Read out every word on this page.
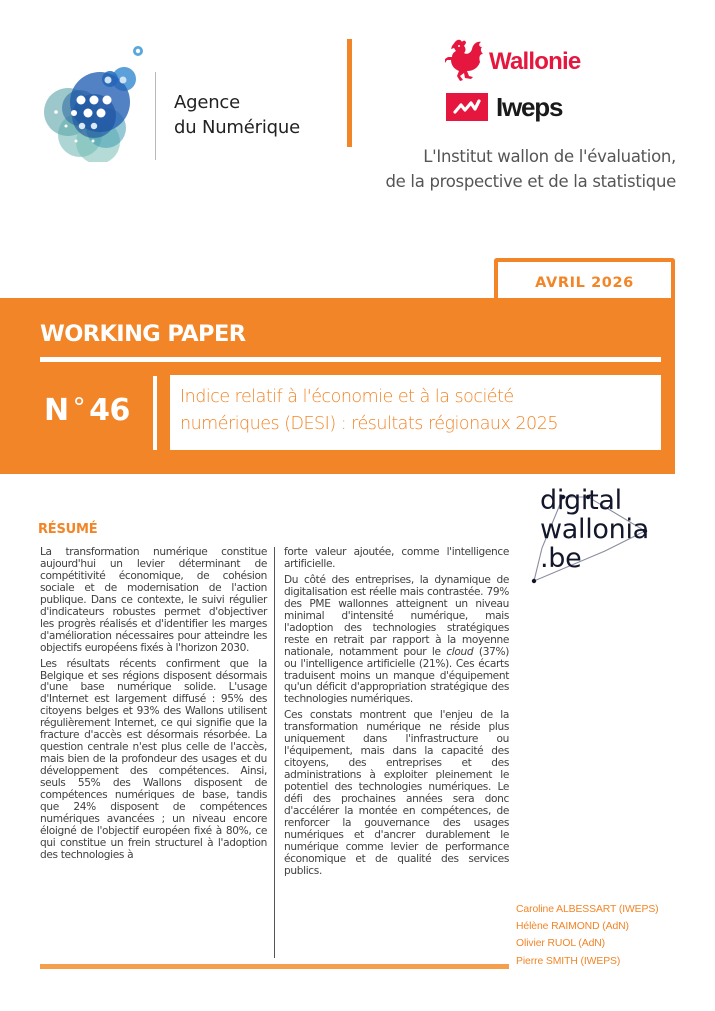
Agence
du Numérique
Wallonie
Iweps
L'Institut wallon de l'évaluation,
de la prospective et de la statistique
AVRIL 2026
WORKING PAPER
N ° 46	Indice relatif à l'économie et à la société
numériques (DESI) : résultats régionaux 2025
digital
wallonia
.be
RÉSUMÉ

La transformation numérique constitue aujourd'hui un levier déterminant de compétitivité économique, de cohésion sociale et de modernisation de l'action publique. Dans ce contexte, le suivi régulier d'indicateurs robustes permet d'objectiver les progrès réalisés et d'identifier les marges d'amélioration nécessaires pour atteindre les objectifs européens fixés à l'horizon 2030.

Les résultats récents confirment que la Belgique et ses régions disposent désormais d'une base numérique solide. L'usage d'Internet est largement diffusé : 95% des citoyens belges et 93% des Wallons utilisent régulièrement Internet, ce qui signifie que la fracture d'accès est désormais résorbée. La question centrale n'est plus celle de l'accès, mais bien de la profondeur des usages et du développement des compétences. Ainsi, seuls 55% des Wallons disposent de compétences numériques de base, tandis que 24% disposent de compétences numériques avancées ; un niveau encore éloigné de l'objectif européen fixé à 80%, ce qui constitue un frein structurel à l'adoption des technologies à

forte valeur ajoutée, comme l'intelligence artificielle.

Du côté des entreprises, la dynamique de digitalisation est réelle mais contrastée. 79% des PME wallonnes atteignent un niveau minimal d'intensité numérique, mais l'adoption des technologies stratégiques reste en retrait par rapport à la moyenne nationale, notamment pour le cloud (37%) ou l'intelligence artificielle (21%). Ces écarts traduisent moins un manque d'équipement qu'un déficit d'appropriation stratégique des technologies numériques.

Ces constats montrent que l'enjeu de la transformation numérique ne réside plus uniquement dans l'infrastructure ou l'équipement, mais dans la capacité des citoyens, des entreprises et des administrations à exploiter pleinement le potentiel des technologies numériques. Le défi des prochaines années sera donc d'accélérer la montée en compétences, de renforcer la gouvernance des usages numériques et d'ancrer durablement le numérique comme levier de performance économique et de qualité des services publics.

Caroline ALBESSART (IWEPS)
Hélène RAIMOND (AdN)
Olivier RUOL (AdN)
Pierre SMITH (IWEPS)
